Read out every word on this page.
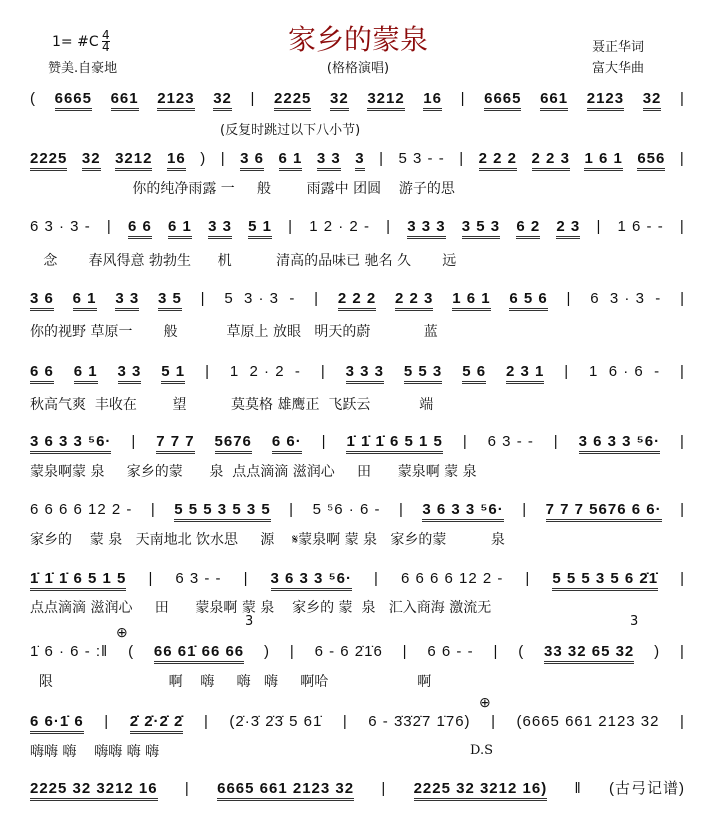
家乡的蒙泉
1= #C 4
4
赞美.自豪地	(格格演唱)
聂正华词
富大华曲
(反复时跳过以下八小节)
( 6665 661 2123 32 | 2225 32 3212 16 | 6665 661 2123 32 |
2225 32 3212 16 ) | 3 6 6 1 3 3 3 | 5 3 - - | 2 2 2 2 2 3 1 6 1 656 |
6 3 · 3 - | 6 6 6 1 3 3 5 1 | 1 2 · 2 - | 3 3 3 3 5 3 6 2 2 3 | 1 6 - - |
3 6 6 1 3 3 3 5 | 5  3 · 3  - | 2 2 2 2 2 3 1 6 1 6 5 6 | 6  3 · 3  - |
6 6 6 1 3 3 5 1 | 1  2 · 2  - | 3 3 3 5 5 3 5 6 2 3 1 | 1  6 · 6  - |
3 6 3 3 ⁵6· | 7 7 7 5676 6 6· | 1̇ 1̇ 1̇ 6 5 1 5 | 6 3 - - | 3 6 3 3 ⁵6· |
6 6 6 6 12 2 - | 5 5 5 3 5 3 5 | 5 ⁵6 · 6 - | 3 6 3 3 ⁵6· | 7 7 7 5676 6 6· |
1̇ 1̇ 1̇ 6 5 1 5 | 6 3 - - | 3 6 3 3 ⁵6· | 6 6 6 6 12 2 - | 5 5 5 3 5 6 2̇1̇ |
1̇ 6 · 6 - :‖ ( 66 61̇ 66 66 ) | 6 - 6 2̇1̇6 | 6 6 - - | ( 33 32 65 32 ) |
6 6·1̇ 6 | 2̇ 2̇·2̇ 2̇ | (2̇·3̇ 2̇3̇ 5 61̇ | 6 - 3̇3̇2̇7 1̇76) | (6665 661 2123 32 |
2225 32 3212 16 | 6665 661 2123 32 | 2225 32 3212 16) ‖ (古弓记谱)
你的纯净雨露 一     般        雨露中 团圆    游子的思
念       春风得意 勃勃生      机          清高的品味已 驰名 久       远
你的视野 草原一       般           草原上 放眼   明天的蔚            蓝
秋高气爽  丰收在        望          莫莫格 雄鹰正  飞跃云           端
蒙泉啊蒙 泉     家乡的蒙      泉  点点滴滴 滋润心     田      蒙泉啊 蒙 泉
家乡的    蒙 泉   天南地北 饮水思     源    𝄋蒙泉啊 蒙 泉   家乡的蒙          泉
点点滴滴 滋润心     田      蒙泉啊 蒙 泉    家乡的 蒙  泉   汇入商海 激流无
限                          啊    嗨     嗨   嗨     啊哈                    啊
嗨嗨 嗨    嗨嗨 嗨 嗨
3	3
⊕
⊕
D.S
